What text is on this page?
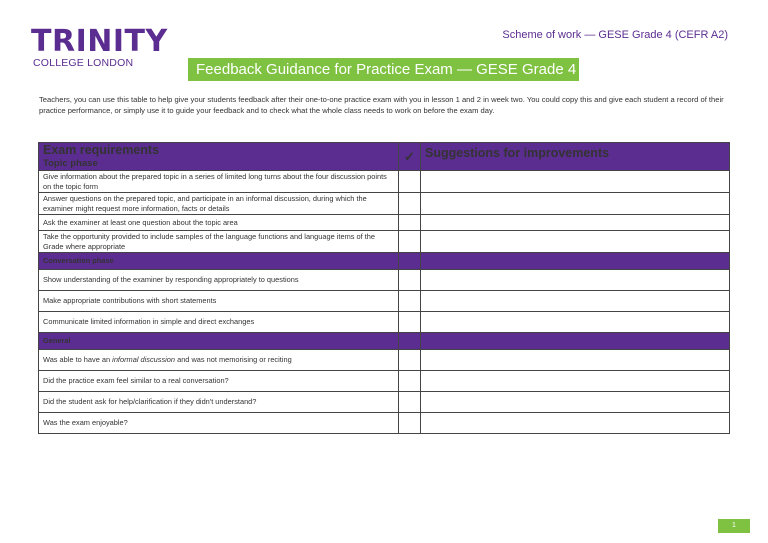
TRINITY
COLLEGE LONDON
Scheme of work — GESE Grade 4 (CEFR A2)
Feedback Guidance for Practice Exam — GESE Grade 4
Teachers, you can use this table to help give your students feedback after their one-to-one practice exam with you in lesson 1 and 2 in week two. You could copy this and give each student a record of their practice performance, or simply use it to guide your feedback and to check what the whole class needs to work on before the exam day.
Exam requirements
Topic phase	✓	Suggestions for improvements
Give information about the prepared topic in a series of limited long turns about the four discussion points on the topic form		
Answer questions on the prepared topic, and participate in an informal discussion, during which the examiner might request more information, facts or details		
Ask the examiner at least one question about the topic area		
Take the opportunity provided to include samples of the language functions and language items of the Grade where appropriate		
Conversation phase		
Show understanding of the examiner by responding appropriately to questions		
Make appropriate contributions with short statements		
Communicate limited information in simple and direct exchanges		
General		
Was able to have an informal discussion and was not memorising or reciting		
Did the practice exam feel similar to a real conversation?		
Did the student ask for help/clarification if they didn't understand?		
Was the exam enjoyable?		
1
